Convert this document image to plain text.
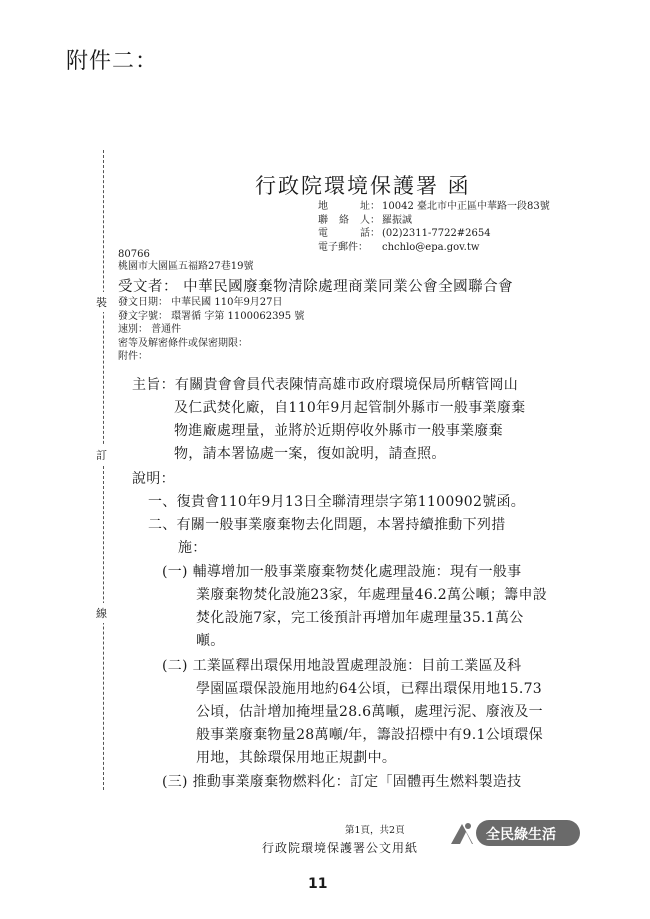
附件二：
裝
訂
線
行政院環境保護署 函
地	址： 10042 臺北市中正區中華路一段83號
聯 絡 人： 羅振誠
電	話： (02)2311-7722#2654
電子郵件： chchlo@epa.gov.tw
80766
桃園市大園區五福路27巷19號
受文者： 中華民國廢棄物清除處理商業同業公會全國聯合會
發文日期： 中華民國 110年9月27日
發文字號： 環署循 字第 1100062395 號
速別： 普通件
密等及解密條件或保密期限：
附件：
主旨：有關貴會會員代表陳情高雄市政府環境保局所轄管岡山
及仁武焚化廠，自110年9月起管制外縣市一般事業廢棄
物進廠處理量，並將於近期停收外縣市一般事業廢棄
物，請本署協處一案，復如說明，請查照。
說明：
一、復貴會110年9月13日全聯清理崇字第1100902號函。
二、有關一般事業廢棄物去化問題，本署持續推動下列措
施：
(一) 輔導增加一般事業廢棄物焚化處理設施：現有一般事
業廢棄物焚化設施23家，年處理量46.2萬公噸；籌申設
焚化設施7家，完工後預計再增加年處理量35.1萬公
噸。
(二) 工業區釋出環保用地設置處理設施：目前工業區及科
學園區環保設施用地約64公頃，已釋出環保用地15.73
公頃，估計增加掩埋量28.6萬噸，處理污泥、廢液及一
般事業廢棄物量28萬噸/年，籌設招標中有9.1公頃環保
用地，其餘環保用地正規劃中。
(三) 推動事業廢棄物燃料化：訂定「固體再生燃料製造技
第1頁，共2頁
行政院環境保護署公文用紙
全民綠生活
11
